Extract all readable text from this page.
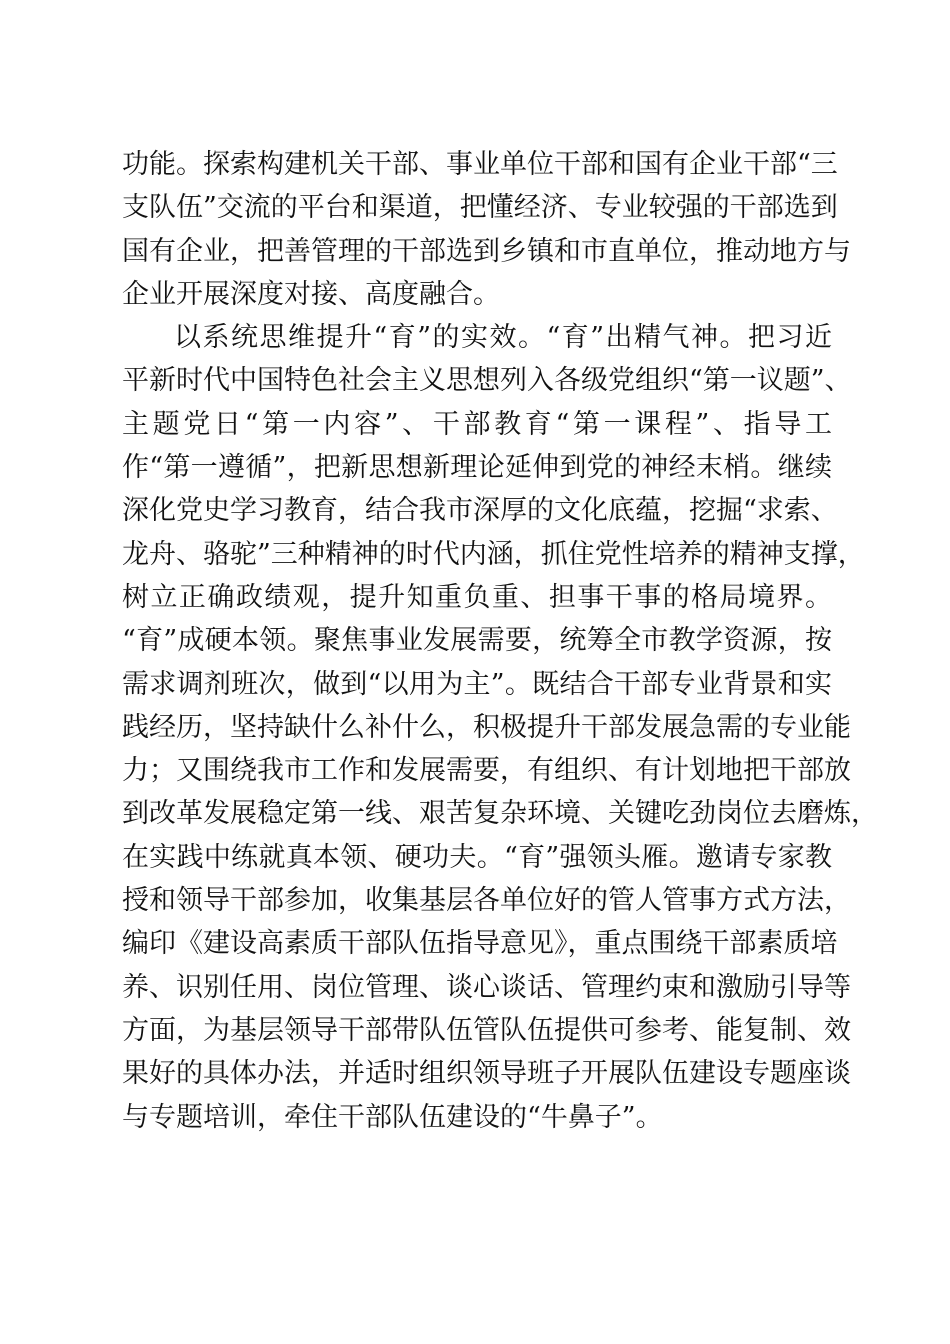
功能。探索构建机关干部、事业单位干部和国有企业干部“三
支队伍”交流的平台和渠道，把懂经济、专业较强的干部选到
国有企业，把善管理的干部选到乡镇和市直单位，推动地方与
企业开展深度对接、高度融合。
以系统思维提升“育”的实效。“育”出精气神。把习近
平新时代中国特色社会主义思想列入各级党组织“第一议题”、
主题党日“第一内容”、干部教育“第一课程”、指导工
作“第一遵循”，把新思想新理论延伸到党的神经末梢。继续
深化党史学习教育，结合我市深厚的文化底蕴，挖掘“求索、
龙舟、骆驼”三种精神的时代内涵，抓住党性培养的精神支撑，
树立正确政绩观，提升知重负重、担事干事的格局境界。
“育”成硬本领。聚焦事业发展需要，统筹全市教学资源，按
需求调剂班次，做到“以用为主”。既结合干部专业背景和实
践经历，坚持缺什么补什么，积极提升干部发展急需的专业能
力；又围绕我市工作和发展需要，有组织、有计划地把干部放
到改革发展稳定第一线、艰苦复杂环境、关键吃劲岗位去磨炼，
在实践中练就真本领、硬功夫。“育”强领头雁。邀请专家教
授和领导干部参加，收集基层各单位好的管人管事方式方法，
编印《建设高素质干部队伍指导意见》，重点围绕干部素质培
养、识别任用、岗位管理、谈心谈话、管理约束和激励引导等
方面，为基层领导干部带队伍管队伍提供可参考、能复制、效
果好的具体办法，并适时组织领导班子开展队伍建设专题座谈
与专题培训，牵住干部队伍建设的“牛鼻子”。
